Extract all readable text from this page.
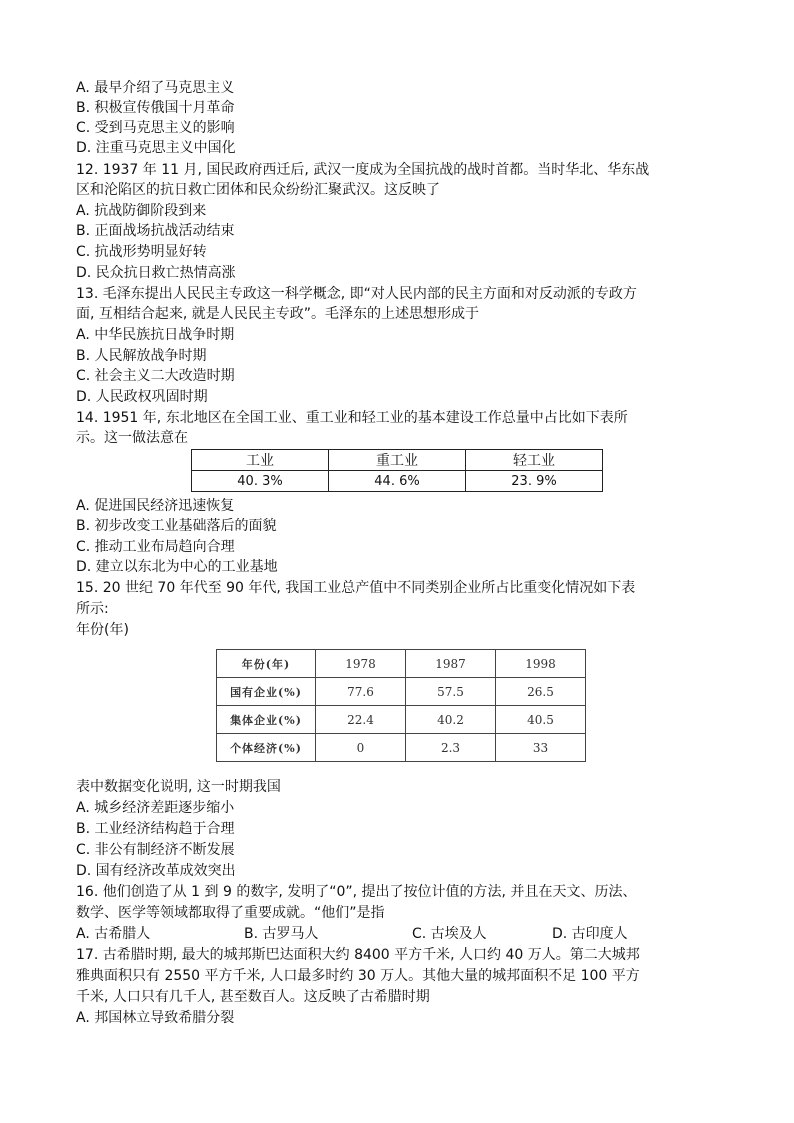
A. 最早介绍了马克思主义
B. 积极宣传俄国十月革命
C. 受到马克思主义的影响
D. 注重马克思主义中国化
12. 1937 年 11 月, 国民政府西迁后, 武汉一度成为全国抗战的战时首都。当时华北、华东战
区和沦陷区的抗日救亡团体和民众纷纷汇聚武汉。这反映了
A. 抗战防御阶段到来
B. 正面战场抗战活动结束
C. 抗战形势明显好转
D. 民众抗日救亡热情高涨
13. 毛泽东提出人民民主专政这一科学概念, 即“对人民内部的民主方面和对反动派的专政方
面, 互相结合起来, 就是人民民主专政”。毛泽东的上述思想形成于
A. 中华民族抗日战争时期
B. 人民解放战争时期
C. 社会主义二大改造时期
D. 人民政权巩固时期
14. 1951 年, 东北地区在全国工业、重工业和轻工业的基本建设工作总量中占比如下表所
示。这一做法意在
工业	重工业	轻工业
40. 3%	44. 6%	23. 9%
A. 促进国民经济迅速恢复
B. 初步改变工业基础落后的面貌
C. 推动工业布局趋向合理
D. 建立以东北为中心的工业基地
15. 20 世纪 70 年代至 90 年代, 我国工业总产值中不同类别企业所占比重变化情况如下表
所示:
年份(年)
年份(年)	1978	1987	1998
国有企业(%)	77.6	57.5	26.5
集体企业(%)	22.4	40.2	40.5
个体经济(%)	0	2.3	33
表中数据变化说明, 这一时期我国
A. 城乡经济差距逐步缩小
B. 工业经济结构趋于合理
C. 非公有制经济不断发展
D. 国有经济改革成效突出
16. 他们创造了从 1 到 9 的数字, 发明了“0”, 提出了按位计值的方法, 并且在天文、历法、
数学、医学等领域都取得了重要成就。“他们”是指
A. 古希腊人	B. 古罗马人	C. 古埃及人	D. 古印度人
17. 古希腊时期, 最大的城邦斯巴达面积大约 8400 平方千米, 人口约 40 万人。第二大城邦
雅典面积只有 2550 平方千米, 人口最多时约 30 万人。其他大量的城邦面积不足 100 平方
千米, 人口只有几千人, 甚至数百人。这反映了古希腊时期
A. 邦国林立导致希腊分裂
